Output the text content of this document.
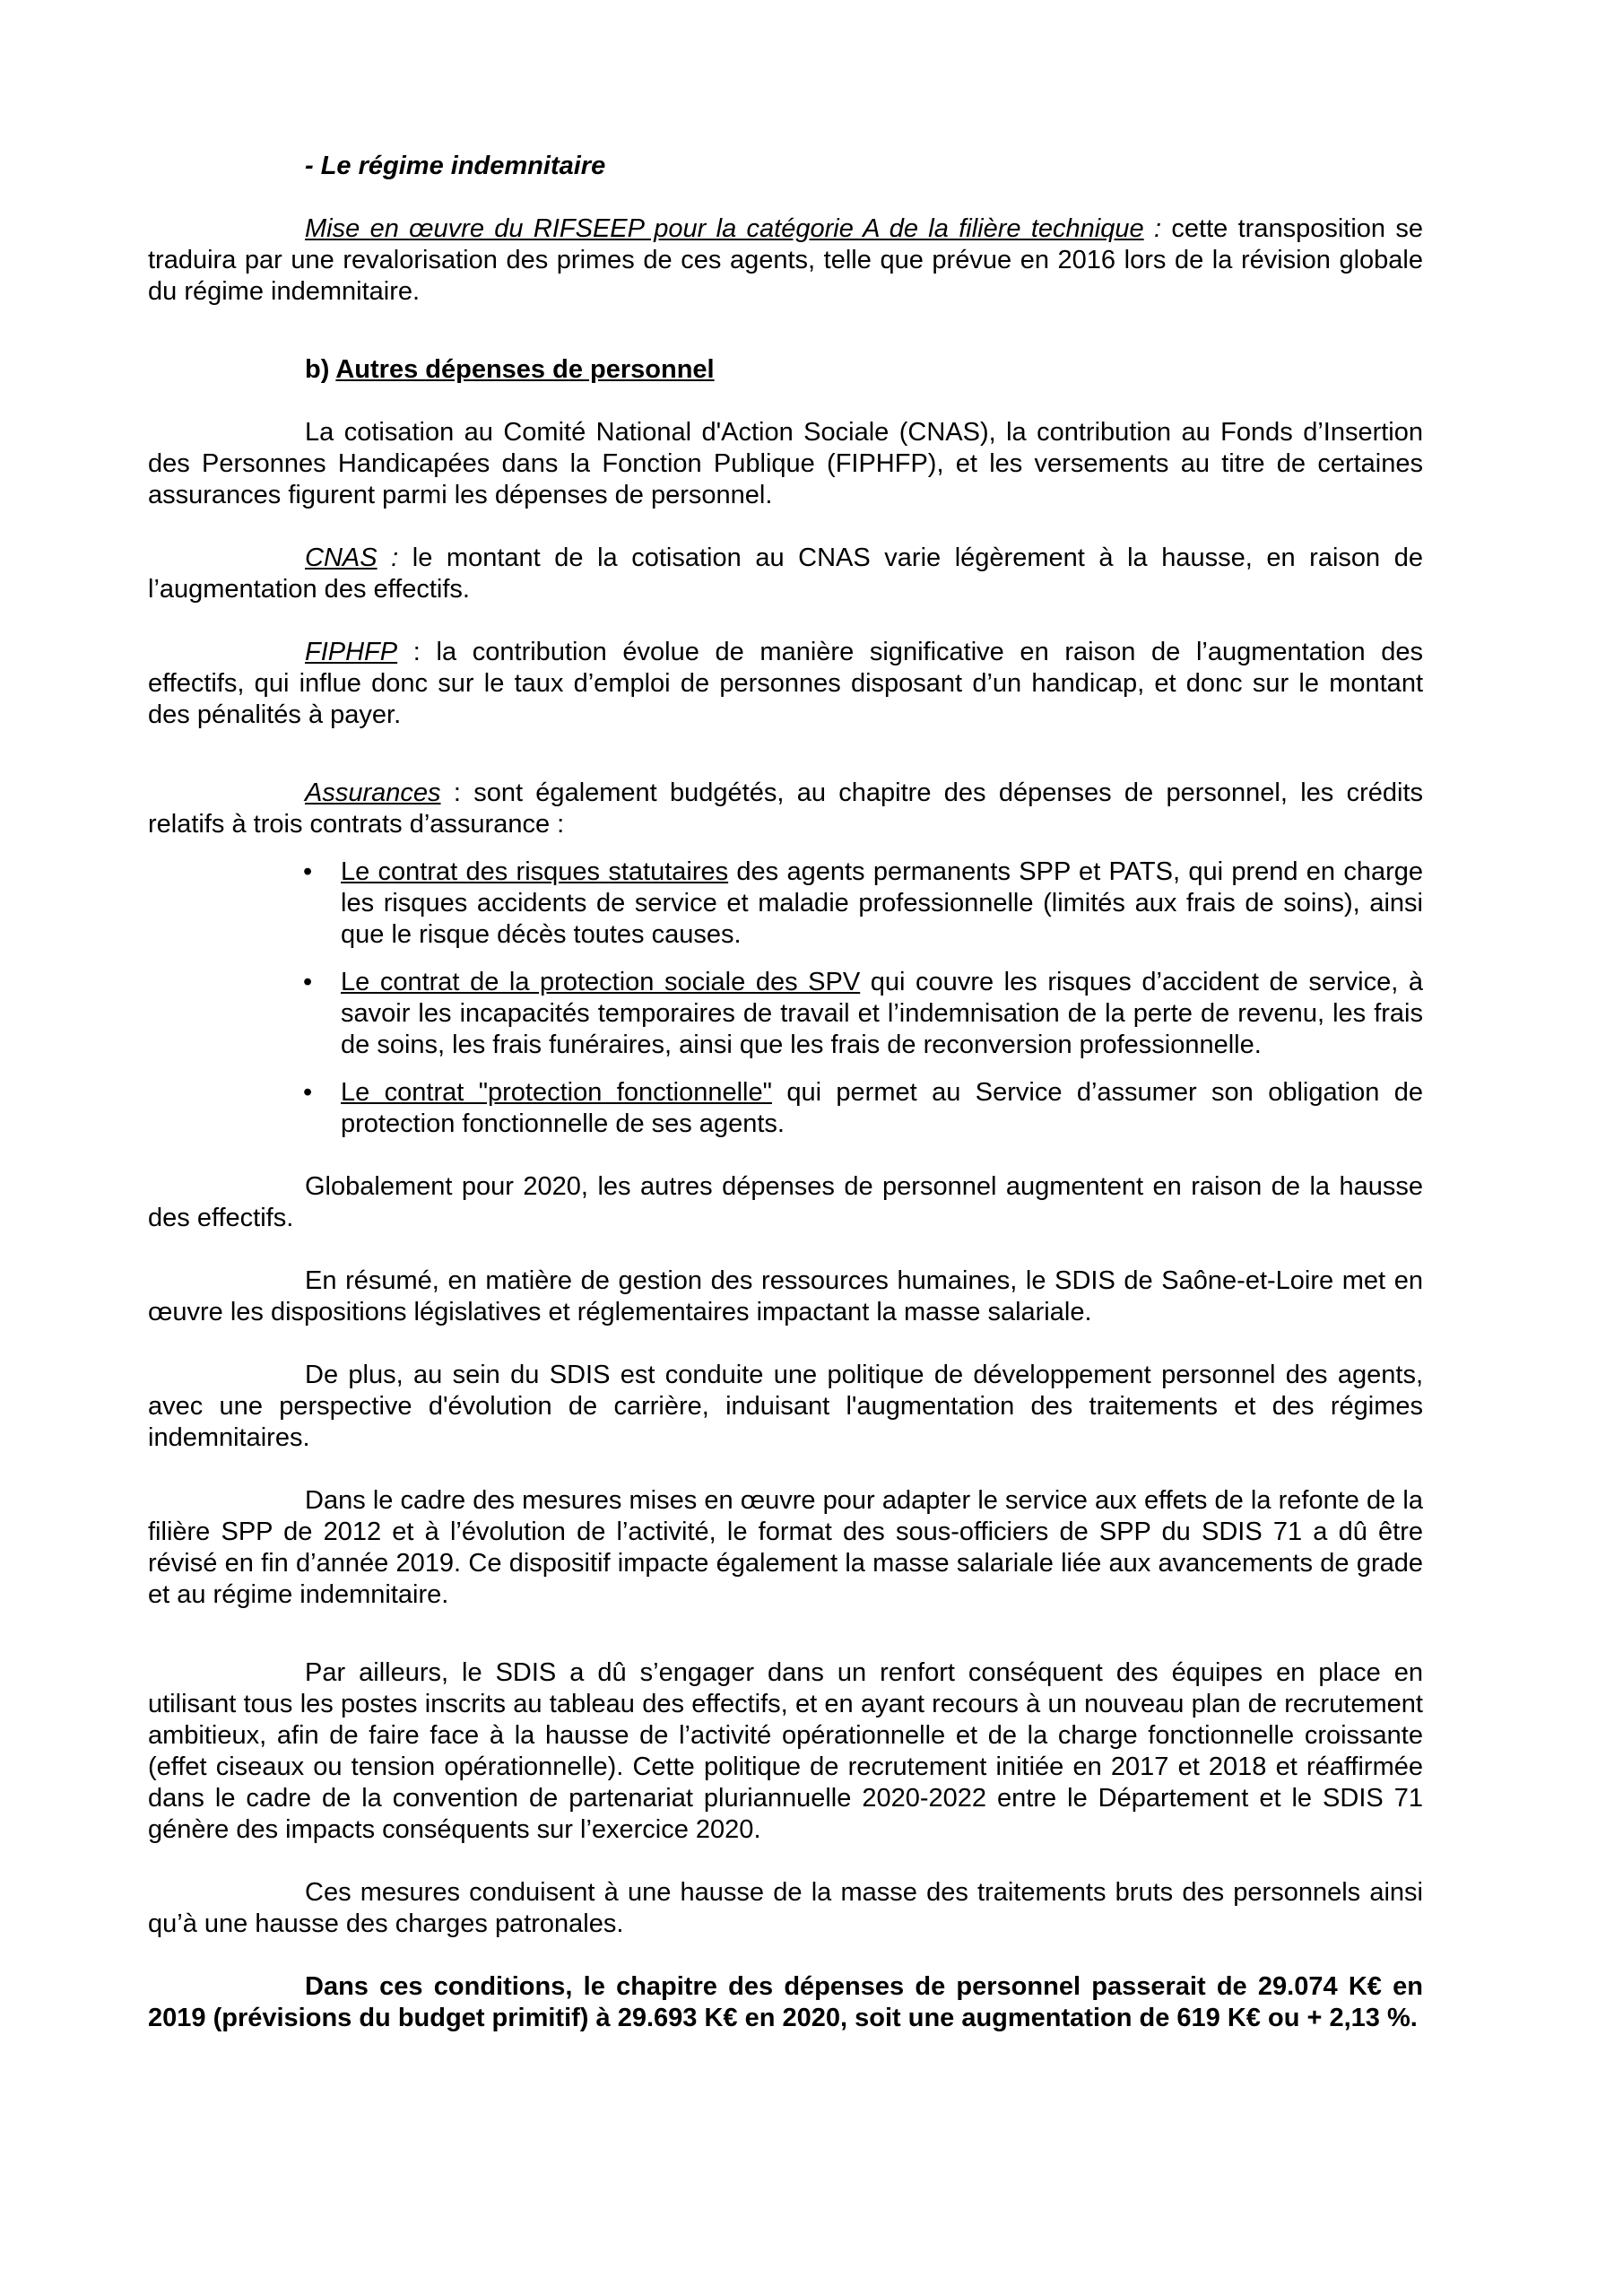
- Le régime indemnitaire

Mise en œuvre du RIFSEEP pour la catégorie A de la filière technique : cette transposition se traduira par une revalorisation des primes de ces agents, telle que prévue en 2016 lors de la révision globale du régime indemnitaire.

b) Autres dépenses de personnel

La cotisation au Comité National d'Action Sociale (CNAS), la contribution au Fonds d’Insertion des Personnes Handicapées dans la Fonction Publique (FIPHFP), et les versements au titre de certaines assurances figurent parmi les dépenses de personnel.

CNAS : le montant de la cotisation au CNAS varie légèrement à la hausse, en raison de l’augmentation des effectifs.

FIPHFP : la contribution évolue de manière significative en raison de l’augmentation des effectifs, qui influe donc sur le taux d’emploi de personnes disposant d’un handicap, et donc sur le montant des pénalités à payer.

Assurances : sont également budgétés, au chapitre des dépenses de personnel, les crédits relatifs à trois contrats d’assurance :

• Le contrat des risques statutaires des agents permanents SPP et PATS, qui prend en charge les risques accidents de service et maladie professionnelle (limités aux frais de soins), ainsi que le risque décès toutes causes.
• Le contrat de la protection sociale des SPV qui couvre les risques d’accident de service, à savoir les incapacités temporaires de travail et l’indemnisation de la perte de revenu, les frais de soins, les frais funéraires, ainsi que les frais de reconversion professionnelle.
• Le contrat "protection fonctionnelle" qui permet au Service d’assumer son obligation de protection fonctionnelle de ses agents.

Globalement pour 2020, les autres dépenses de personnel augmentent en raison de la hausse des effectifs.

En résumé, en matière de gestion des ressources humaines, le SDIS de Saône-et-Loire met en œuvre les dispositions législatives et réglementaires impactant la masse salariale.

De plus, au sein du SDIS est conduite une politique de développement personnel des agents, avec une perspective d'évolution de carrière, induisant l'augmentation des traitements et des régimes indemnitaires.

Dans le cadre des mesures mises en œuvre pour adapter le service aux effets de la refonte de la filière SPP de 2012 et à l’évolution de l’activité, le format des sous-officiers de SPP du SDIS 71 a dû être révisé en fin d’année 2019. Ce dispositif impacte également la masse salariale liée aux avancements de grade et au régime indemnitaire.

Par ailleurs, le SDIS a dû s’engager dans un renfort conséquent des équipes en place en utilisant tous les postes inscrits au tableau des effectifs, et en ayant recours à un nouveau plan de recrutement ambitieux, afin de faire face à la hausse de l’activité opérationnelle et de la charge fonctionnelle croissante (effet ciseaux ou tension opérationnelle). Cette politique de recrutement initiée en 2017 et 2018 et réaffirmée dans le cadre de la convention de partenariat pluriannuelle 2020-2022 entre le Département et le SDIS 71 génère des impacts conséquents sur l’exercice 2020.

Ces mesures conduisent à une hausse de la masse des traitements bruts des personnels ainsi qu’à une hausse des charges patronales.

Dans ces conditions, le chapitre des dépenses de personnel passerait de 29.074 K€ en 2019 (prévisions du budget primitif) à 29.693 K€ en 2020, soit une augmentation de 619 K€ ou + 2,13 %.
